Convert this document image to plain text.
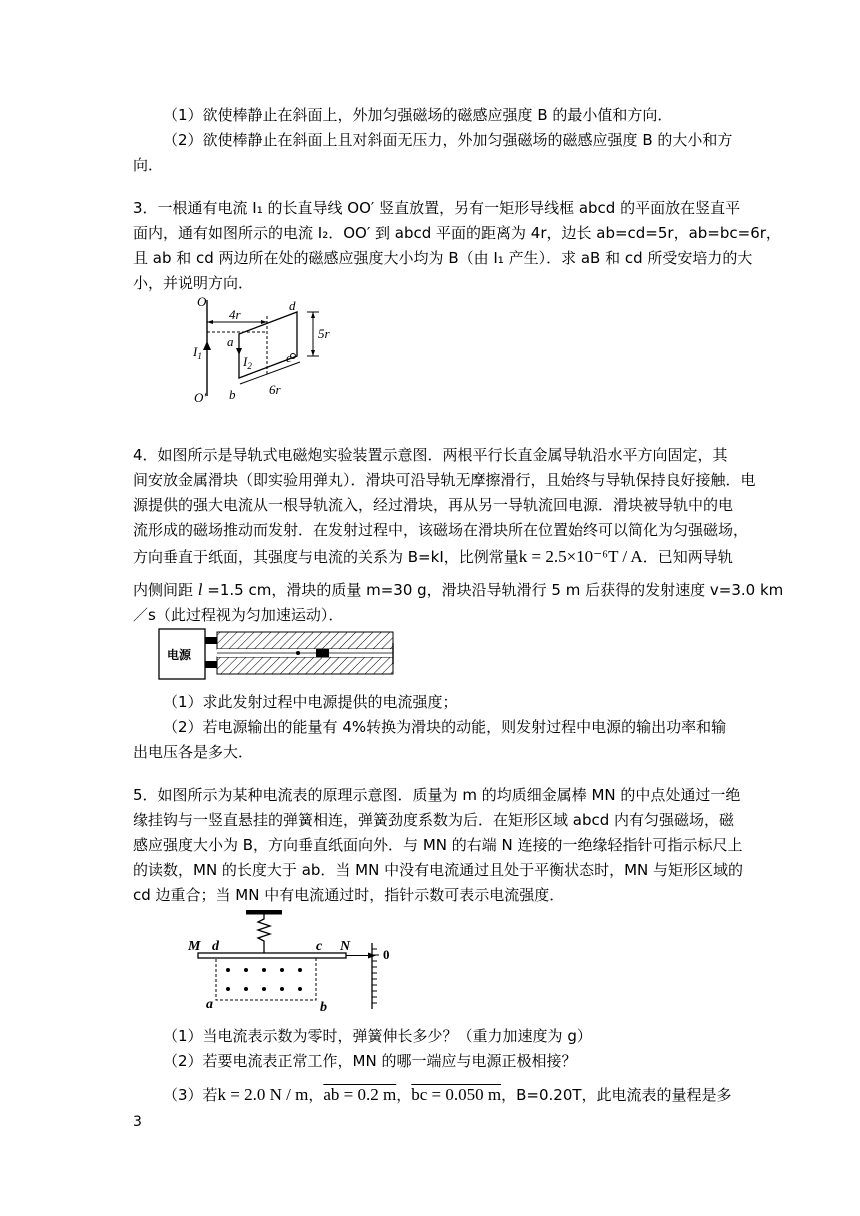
（1）欲使棒静止在斜面上，外加匀强磁场的磁感应强度 B 的最小值和方向．
（2）欲使棒静止在斜面上且对斜面无压力，外加匀强磁场的磁感应强度 B 的大小和方
向．
3．一根通有电流 I₁ 的长直导线 OO′ 竖直放置，另有一矩形导线框 abcd 的平面放在竖直平
面内，通有如图所示的电流 I₂．OO′ 到 abcd 平面的距离为 4r，边长 ab=cd=5r，ab=bc=6r，
且 ab 和 cd 两边所在处的磁感应强度大小均为 B（由 I₁ 产生）．求 aB 和 cd 所受安培力的大
小，并说明方向．
O
O′
$I_1$
4r
a
b
c
d
$I_2$
5r
6r
4．如图所示是导轨式电磁炮实验装置示意图．两根平行长直金属导轨沿水平方向固定，其
间安放金属滑块（即实验用弹丸）．滑块可沿导轨无摩擦滑行，且始终与导轨保持良好接触．电
源提供的强大电流从一根导轨流入，经过滑块，再从另一导轨流回电源．滑块被导轨中的电
流形成的磁场推动而发射．在发射过程中，该磁场在滑块所在位置始终可以简化为匀强磁场，
方向垂直于纸面，其强度与电流的关系为 B=kI，比例常量k = 2.5×10⁻⁶T / A．已知两导轨
内侧间距 l =1.5 cm，滑块的质量 m=30 g，滑块沿导轨滑行 5 m 后获得的发射速度 v=3.0 km
／s（此过程视为匀加速运动）．
电源
（1）求此发射过程中电源提供的电流强度；
（2）若电源输出的能量有 4%转换为滑块的动能，则发射过程中电源的输出功率和输
出电压各是多大．
5．如图所示为某种电流表的原理示意图．质量为 m 的均质细金属棒 MN 的中点处通过一绝
缘挂钩与一竖直悬挂的弹簧相连，弹簧劲度系数为后．在矩形区域 abcd 内有匀强磁场，磁
感应强度大小为 B，方向垂直纸面向外．与 MN 的右端 N 连接的一绝缘轻指针可指示标尺上
的读数，MN 的长度大于 ab．当 MN 中没有电流通过且处于平衡状态时，MN 与矩形区域的
cd 边重合；当 MN 中有电流通过时，指针示数可表示电流强度．
0
M d	c N
a	b
（1）当电流表示数为零时，弹簧伸长多少？（重力加速度为 g）
（2）若要电流表正常工作，MN 的哪一端应与电源正极相接？
（3）若k = 2.0 N / m，ab = 0.2 m，bc = 0.050 m，B=0.20T，此电流表的量程是多
3
